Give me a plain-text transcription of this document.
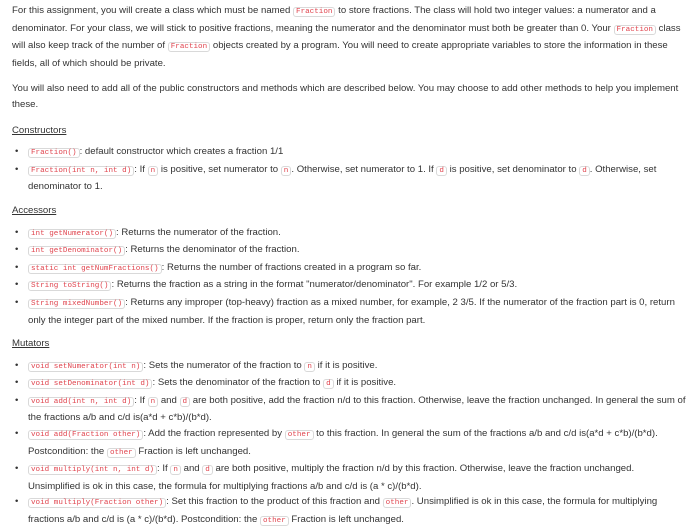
For this assignment, you will create a class which must be named Fraction to store fractions. The class will hold two integer values: a numerator and a denominator. For your class, we will stick to positive fractions, meaning the numerator and the denominator must both be greater than 0. Your Fraction class will also keep track of the number of Fraction objects created by a program. You will need to create appropriate variables to store the information in these fields, all of which should be private.

You will also need to add all of the public constructors and methods which are described below. You may choose to add other methods to help you implement these.

Constructors

• Fraction() : default constructor which creates a fraction 1/1
• Fraction(int n, int d) : If n is positive, set numerator to n . Otherwise, set numerator to 1. If d is positive, set denominator to d . Otherwise, set denominator to 1.

Accessors

• int getNumerator() : Returns the numerator of the fraction.
• int getDenominator() : Returns the denominator of the fraction.
• static int getNumFractions() : Returns the number of fractions created in a program so far.
• String toString() : Returns the fraction as a string in the format "numerator/denominator". For example 1/2 or 5/3.
• String mixedNumber() : Returns any improper (top-heavy) fraction as a mixed number, for example, 2 3/5. If the numerator of the fraction part is 0, return only the integer part of the mixed number. If the fraction is proper, return only the fraction part.

Mutators

• void setNumerator(int n) : Sets the numerator of the fraction to n if it is positive.
• void setDenominator(int d) : Sets the denominator of the fraction to d if it is positive.
• void add(int n, int d) : If n and d are both positive, add the fraction n/d to this fraction. Otherwise, leave the fraction unchanged. In general the sum of the fractions a/b and c/d is(a*d + c*b)/(b*d).
• void add(Fraction other) : Add the fraction represented by other to this fraction. In general the sum of the fractions a/b and c/d is(a*d + c*b)/(b*d). Postcondition: the other Fraction is left unchanged.
• void multiply(int n, int d) : If n and d are both positive, multiply the fraction n/d by this fraction. Otherwise, leave the fraction unchanged. Unsimplified is ok in this case, the formula for multiplying fractions a/b and c/d is (a * c)/(b*d).
• void multiply(Fraction other) : Set this fraction to the product of this fraction and other . Unsimplified is ok in this case, the formula for multiplying fractions a/b and c/d is (a * c)/(b*d). Postcondition: the other Fraction is left unchanged.
